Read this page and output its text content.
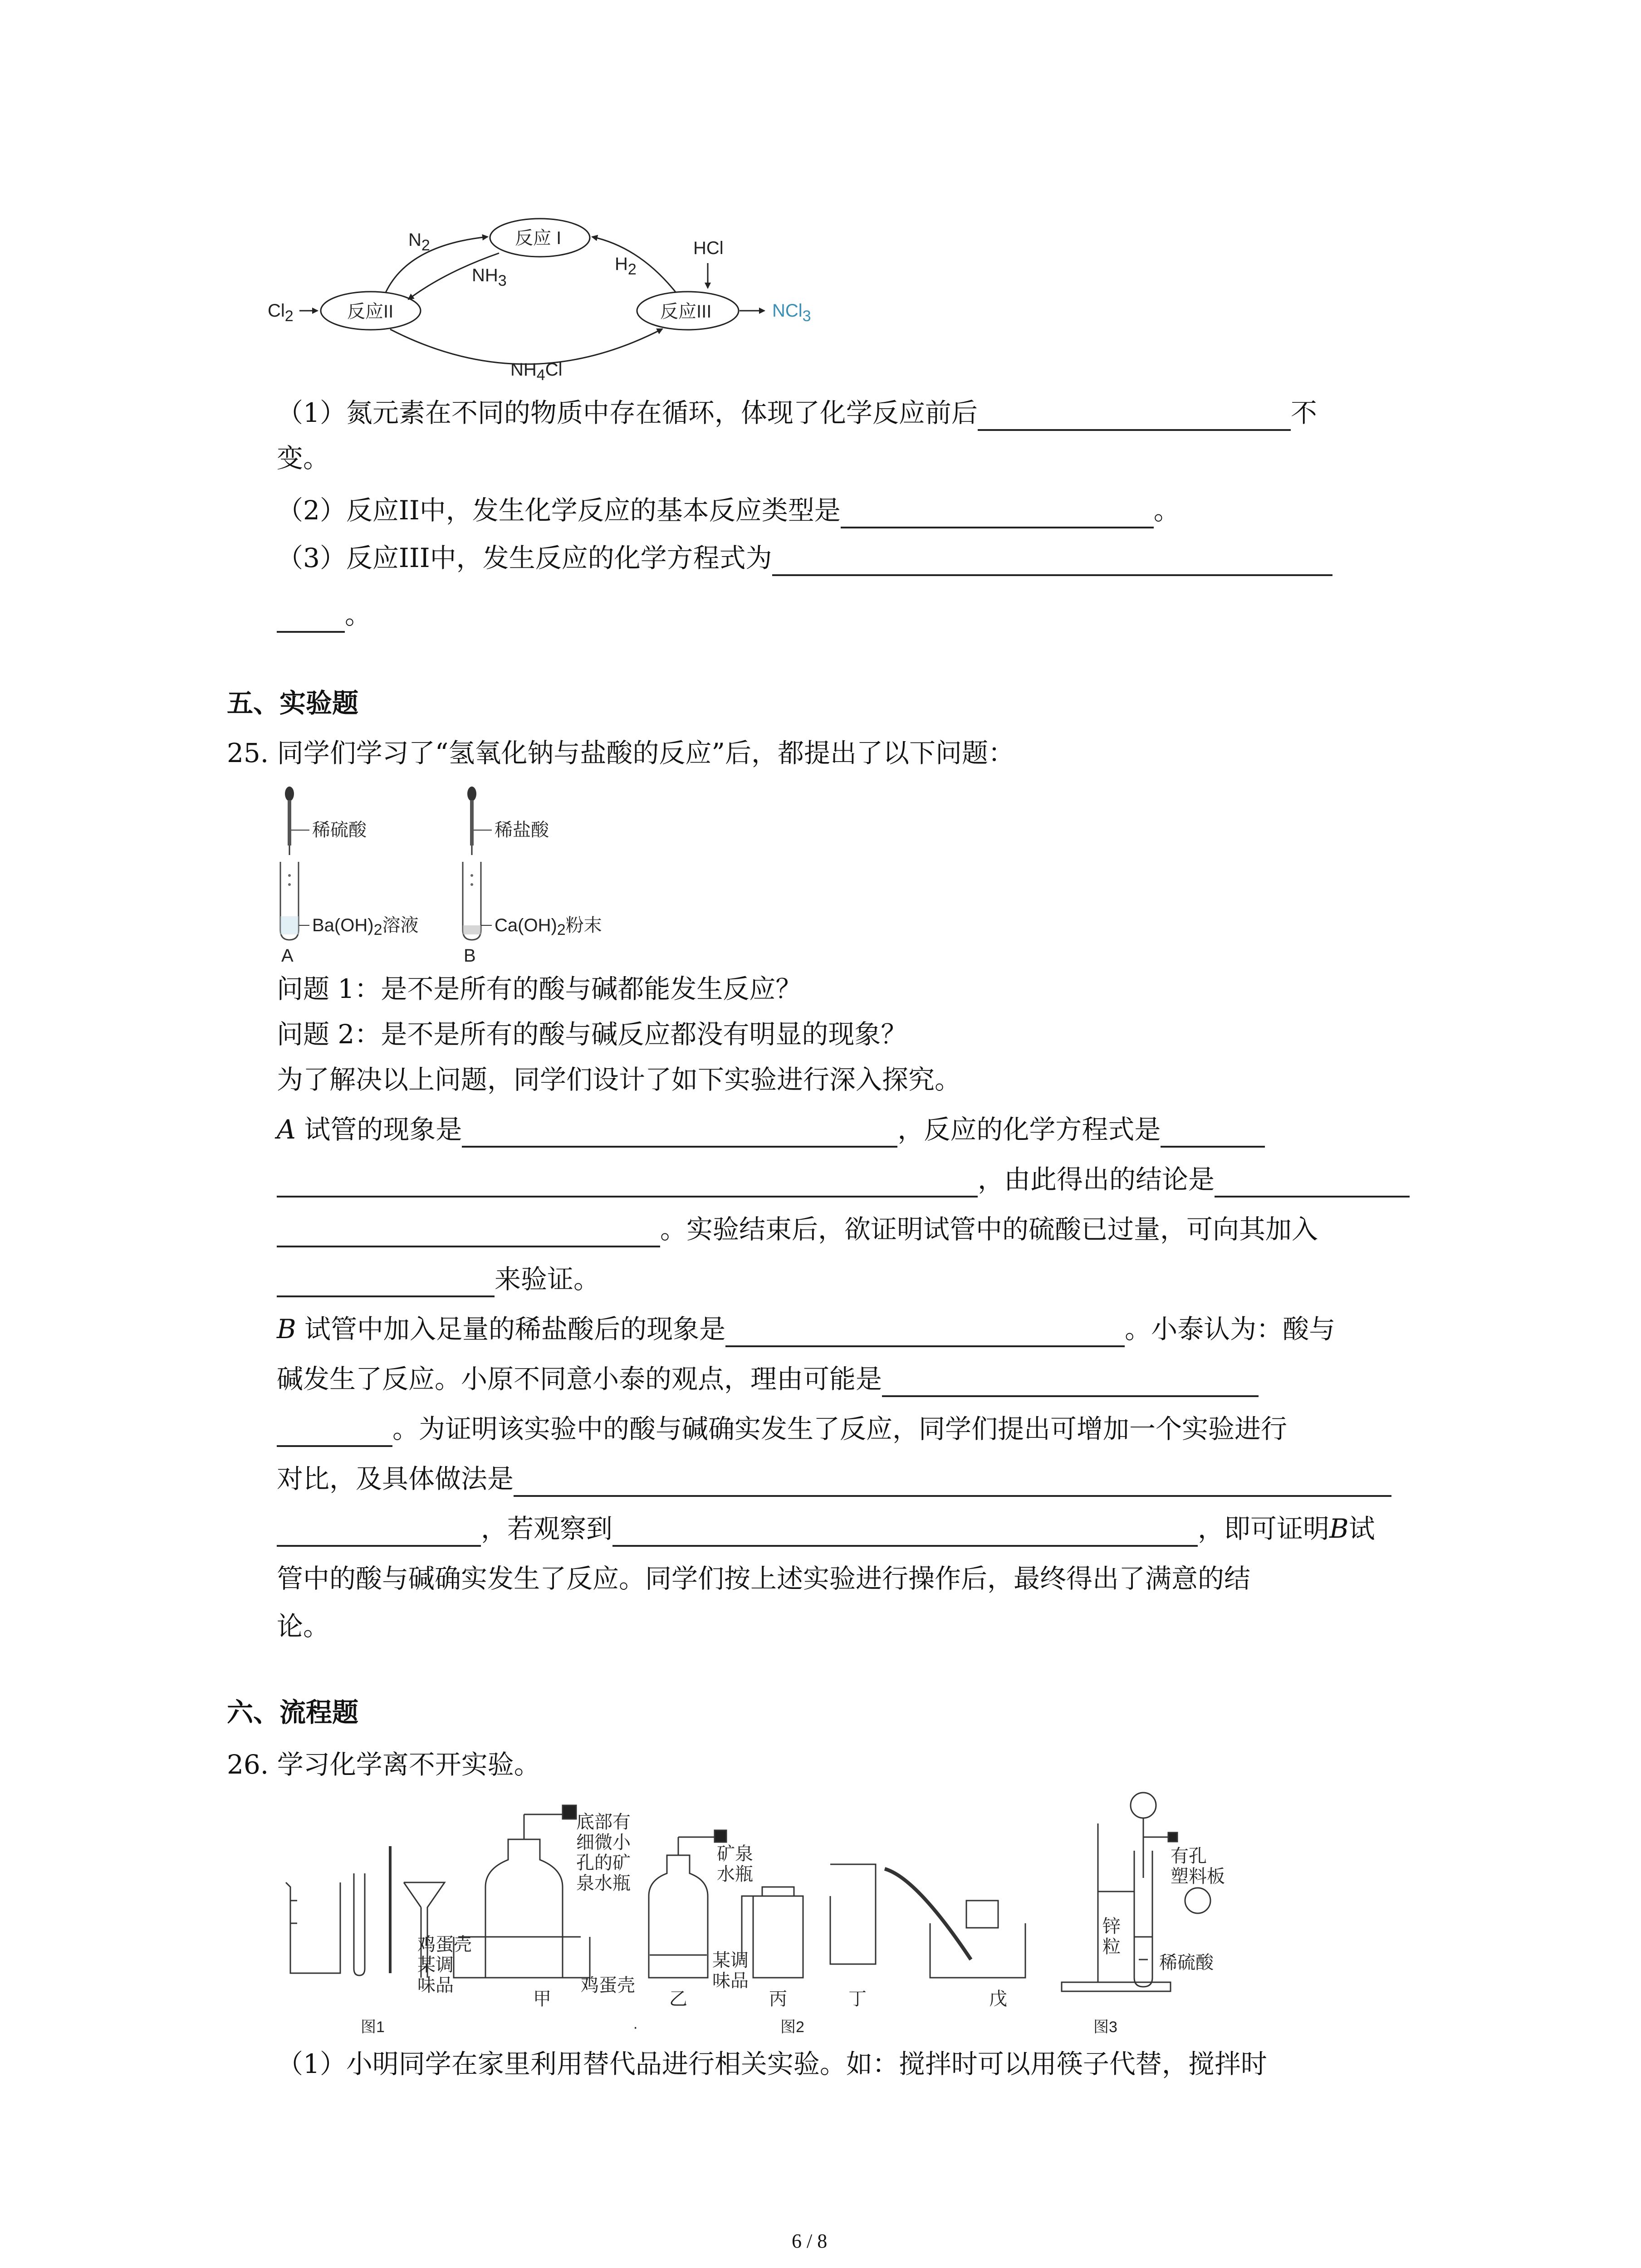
反应 I
反应II	反应III
$N_2$
$NH_3$
$H_2$
HCl
$Cl_2$	NCl$_3$
$NH_4Cl$
（1）氮元素在不同的物质中存在循环，体现了化学反应前后	不
变。
（2）反应II中，发生化学反应的基本反应类型是	。
（3）反应III中，发生反应的化学方程式为
。
五、实验题
25. 同学们学习了“氢氧化钠与盐酸的反应”后，都提出了以下问题：
稀硫酸
$Ba(OH)_2$溶液
A
稀盐酸
$Ca(OH)_2$粉末
B
问题 1：是不是所有的酸与碱都能发生反应？
问题 2：是不是所有的酸与碱反应都没有明显的现象？
为了解决以上问题，同学们设计了如下实验进行深入探究。
A 试管的现象是	，反应的化学方程式是
，由此得出的结论是
。实验结束后，欲证明试管中的硫酸已过量，可向其加入
来验证。
B 试管中加入足量的稀盐酸后的现象是	。小泰认为：酸与
碱发生了反应。小原不同意小泰的观点，理由可能是
。为证明该实验中的酸与碱确实发生了反应，同学们提出可增加一个实验进行
对比，及具体做法是
，若观察到	，即可证明B试
管中的酸与碱确实发生了反应。同学们按上述实验进行操作后，最终得出了满意的结
论。
六、流程题
26. 学习化学离不开实验。
鸡蛋壳
某调
味品
底部有
细微小
孔的矿
泉水瓶
矿泉
水瓶
鸡蛋壳
某调
味品
甲	乙	丙	丁	戊
锌
粒
有孔
塑料板
稀硫酸
图1	·	图2	图3
（1）小明同学在家里利用替代品进行相关实验。如：搅拌时可以用筷子代替，搅拌时
6 / 8
